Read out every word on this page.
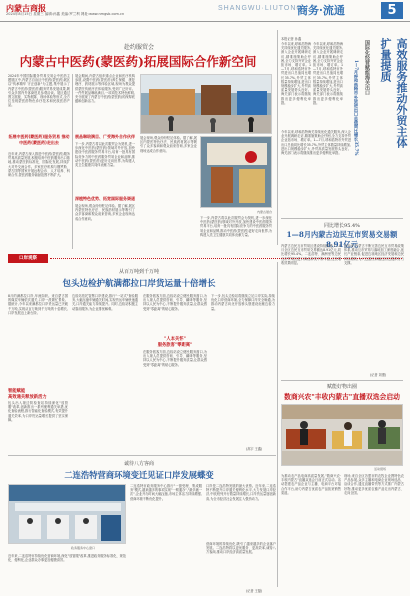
内蒙古商报
2024年8月15日 星期三 编辑:孙鑫 美编:罗兰利 网址:www.nmgsb.com.cn
SHANGWU·LIUTONG
商务·流通	5
赴约服贸会
内蒙古中医药(蒙医药)拓展国际合作新空间
2024年中国国际服务贸易交易会中医药主题展区中,内蒙古自治区中医药(蒙医药)展区以"传承精华 守正创新"为主题,集中展示了内蒙古中医药(蒙医药)服务贸易发展成果,吸引众多国内外客商驻足参观洽谈。展区通过图文展板、实物展陈、现场体验等形式,全方位呈现蒙医药特色诊疗技术和民族医药产品。
拓展中医药(蒙医药)服务贸易 推动中医药(蒙医药)走出去
近年来,内蒙古深入推进中医药(蒙医药)服务贸易高质量发展,积极培育中医药服务出口基地,推动蒙医药标准化、国际化发展,持续扩大对外交流合作。多家医疗机构与俄罗斯、蒙古国等国家开展远程会诊、人才培养、科研合作,蒙医药服务辐射范围不断扩大。
展会期间,内蒙古组织重点企业和医疗机构参展,设置中医药(蒙医药)养生保健、康复理疗、药材展示等体验区域,现场为观众提供蒙医传统疗法体验服务,受到广泛好评。一件件展品琳琅满目,一项项技术特色鲜明,充分展现了内蒙古中医药(蒙医药)的深厚底蕴和创新活力。
展品琳琅满目、广受海外合作伙伴
下一步,内蒙古将以此次服贸会为契机,进一步深化中医药(蒙医药)领域对外开放,加快建设中医药服务贸易平台,培育一批具有国际竞争力的中医药服务贸易企业和品牌,推动中医药(蒙医药)更好走向世界,为构建人类卫生健康共同体贡献力量。
深植特色优势、拓宽国际服务渠道
展会现场,观众纷纷驻足体验。据了解,展区内蒙医特色疗法、民族药材展示等吸引了众多客商和观众前来咨询,多家企业现场达成合作意向。
内蒙古展台
展会现场,观众纷纷驻足体验。据了解,展区内蒙医特色疗法、民族药材展示等吸引了众多客商和观众前来咨询,多家企业现场达成合作意向。
下一步,内蒙古将以此次服贸会为契机,进一步深化中医药(蒙医药)领域对外开放,加快建设中医药服务贸易平台,培育一批具有国际竞争力的中医药服务贸易企业和品牌,推动中医药(蒙医药)更好走向世界,为构建人类卫生健康共同体贡献力量。
今年以来,呼和浩特海关持续优化通关服务,深入企业开展调研走访,精准施策助企纾困,全力支持外贸企业拓市场、增订单。1—7月,呼和浩特市外贸进出口总值同比增长35.7%,外贸主体数量持续增加,进出口规模稳步扩大,外贸高质量发展势头良好。海关部门表示将继续推出更多便利化举措。
今年以来,呼和浩特海关持续优化通关服务,深入企业开展调研走访,精准施策助企纾困,全力支持外贸企业拓市场、增订单。1—7月,呼和浩特市外贸进出口总值同比增长35.7%,外贸主体数量持续增加,进出口规模稳步扩大,外贸高质量发展势头良好。海关部门表示将继续推出更多便利化举措。
本报记者 孙鑫	高效服务推动外贸主体扩量提质
国际化经营赋能海关出口
1—7月呼和浩特市外贸进出口总值同比增长35.7%
今年以来,呼和浩特海关持续优化通关服务,深入企业开展调研走访,精准施策助企纾困,全力支持外贸企业拓市场、增订单。1—7月,呼和浩特市外贸进出口总值同比增长35.7%,外贸主体数量持续增加,进出口规模稳步扩大,外贸高质量发展势头良好。海关部门表示将继续推出更多便利化举措。
同比增长95.4%
1—8月内蒙古边民互市贸易交易额8.91亿元
内蒙古边民互市贸易区建设持续推进,1—8月全区边民互市贸易交易额达8.91亿元,同比增长95.4%。二连浩特、满洲里等边民互市贸易区进口商品种类不断丰富,边民增收效果明显。
近年来,内蒙古不断完善边民互市贸易政策体系,推动互市贸易与落地加工深度融合,延长产业链条,促进边境地区经济发展和边民持续增收,为兴边富民和稳边固边提供有力支撑。
(记者 刘蕾)
口岸观察
从百万吨到千万吨
包头边检护航满都拉口岸货运量十倍增长
8月的满都拉口岸,车流如织。来自蒙古国的煤炭车辆依次通关,口岸一派繁忙景象。据统计,今年以来满都拉口岸货运量已突破千万吨,实现从百万吨到千万吨的十倍增长,口岸发展迈上新台阶。
智能赋能
高效通关释放新活力
包头出入境边防检查站持续深化"放管服"改革,创新推出一系列便利通关举措,优化查验流程,推行智能化查验模式,有效提升通关效率,为口岸货运量增长提供了坚实保障。
边检站依托智慧口岸建设,推行"一站式"查验服务,大幅压缩车辆通关时间,实现货运车辆快速通关,口岸通关能力持续提升。同时,边检站积极主动靠前服务,为企业排忧解难。
"人本关怀"
服务旅客"零距离"
在服务旅客方面,边检站设立便民服务窗口,为出入境人员提供咨询、引导、翻译等服务,坚持以人民为中心,不断提升服务质量,让群众感受到"零距离"的贴心服务。
在服务旅客方面,边检站设立便民服务窗口,为出入境人员提供咨询、引导、翻译等服务,坚持以人民为中心,不断提升服务质量,让群众感受到"零距离"的贴心服务。
下一步,包头边检站将继续立足口岸实际,持续优化口岸营商环境,全力保障口岸安全畅通,为推动内蒙古向北开放桥头堡建设贡献边检力量。
(高宇 王鑫)
赋能好物出圈
数商兴农"丰收内蒙古"直播双选会启动
活动现场
为推动农产品电商高质量发展,"数商兴农·丰收内蒙古"直播双选会日前正式启动。活动搭建农产品企业与主播、电商平台对接合作平台,助力内蒙古优质农产品拓宽销售渠道。
现场,来自全区各盟市的农牧企业携特色农产品参展,众多主播和电商企业现场选品、洽谈合作,通过直播带货等方式推广内蒙古好物,推动更多优质农畜产品走出内蒙古、走向全国。
诚待八方客商
二连浩特营商环境变迁见证口岸发展蝶变
政务服务中心窗口
近年来,二连浩特市持续优化营商环境,深化"放管服"改革,推进政务服务标准化、规范化、便利化,企业群众办事更加便捷高效。
二连浩特市政务服务中心推行"一窗受理、集成服务"模式,越来越多的事项实现"一网通办","最多跑一次",企业开办时间大幅压缩,市场主体活力持续增强,营商环境不断优化提升。
口岸是二连浩特发展的最大优势。近年来,二连浩特不断提升口岸通关便利化水平,大力发展口岸经济,中欧班列开行数量持续增长,口岸货运量屡创新高,为全市经济社会发展注入强劲动力。
营商环境的持续优化,吸引了越来越多的企业落户发展。二连浩特将以更优服务、更高效率,诚待八方客商,推动口岸经济高质量发展。
(记者 王磊)
